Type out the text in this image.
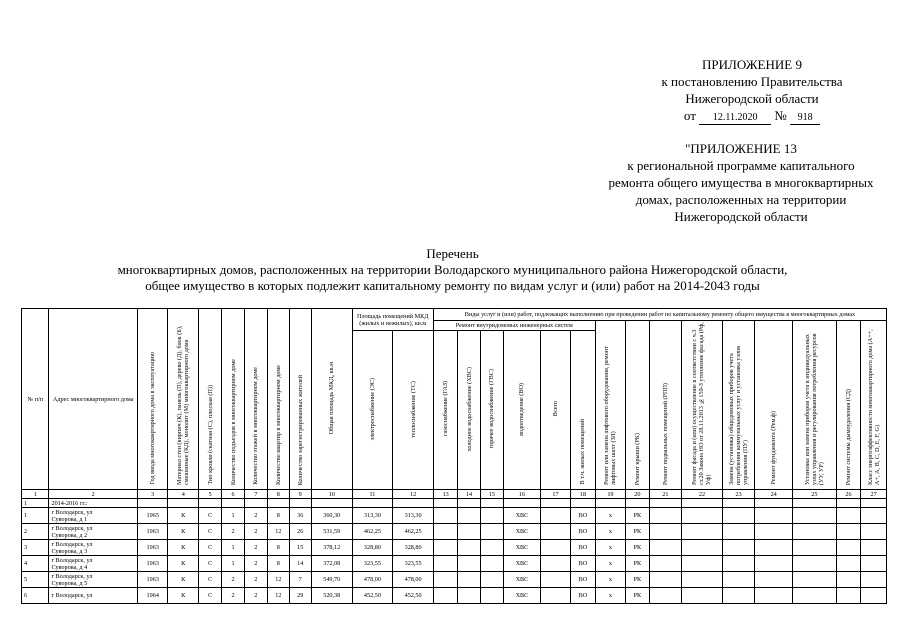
ПРИЛОЖЕНИЕ 9
к постановлению Правительства
Нижегородской области
от 12.11.2020 № 918
"ПРИЛОЖЕНИЕ 13
к региональной программе капитального
ремонта общего имущества в многоквартирных
домах, расположенных на территории
Нижегородской области
Перечень
многоквартирных домов, расположенных на территории Володарского муниципального района Нижегородской области,
общее имущество в которых подлежит капитальному ремонту по видам услуг и (или) работ на 2014-2043 годы
№ п/п	Адрес многоквартирного дома	Год ввода многоквартирного дома в эксплуатацию	Материал стен (кирпич (К), панель (П), дерево (Д), блок (Б), смешанные (КД), монолит (М) многоквартирного дома	Тип кровли (скатная (С), плоская (П))	Количество подъездов в многоквартирном доме	Количество этажей в многоквартирном доме	Количество квартир в многоквартирном доме	Количество зарегистрированных жителей	Общая площадь МКД, кв.м	Площадь помещений МКД (жилых и нежилых), кв.м		Виды услуг и (или) работ, подлежащих выполнению при проведении работ по капитальному ремонту общего имущества в многоквартирных домах														
												Ремонт внутридомовых инженерных систем						Ремонт или замена лифтового оборудования, ремонт лифтовых шахт (ЗЛ)	Ремонт крыши (РК)	Ремонт подвальных помещений (РПП)	Ремонт фасада и (или) осуществление в соответствии с ч.3 ст.20 Закона НО от 28.11.2013 №159-З утепление фасада (Рф, Уф)	Замена (установка) общедомовых приборов учета потребления коммунальных услуг и установка узлов управления (ПУ)	Ремонт фундамента (Рем.ф)	Установка или замена приборов учета в индивидуальных узлах управления и регулирования потребления ресурсов (УУ, УР)	Ремонт системы дымоудаления (СД)	Класс энергоэффективности многоквартирного дома (А++, А+, А, B, C, D, E, F, G)
										электроснабжение (ЭС)	теплоснабжение (ТС)	газоснабжение (ГАЗ)	холодное водоснабжение (ХВС)	горячее водоснабжение (ГВС)	водоотведение (ВО)	Всего	В т.ч. жилых помещений									

1	2	3	4	5	6	7	8	9	10	11	12	13	14	15	16	17	18	19	20	21	22	23	24	25	26	27
1	2014-2016 гг.:																									
1	г Володарск, ул
Суворова, д 1	1965	К	С	1	2	8	36	360,30	313,30	313,30				ХВС		ВО	х	РК							
2	г Володарск, ул
Суворова, д 2	1963	К	С	2	2	12	26	531,59	462,25	462,25				ХВС		ВО	х	РК							
3	г Володарск, ул
Суворова, д 3	1963	К	С	1	2	8	15	378,12	328,80	328,80				ХВС		ВО	х	РК							
4	г Володарск, ул
Суворова, д 4	1963	К	С	1	2	8	14	372,08	323,55	323,55				ХВС		ВО	х	РК							
5	г Володарск, ул
Суворова, д 5	1963	К	С	2	2	12	7	549,70	478,00	478,00				ХВС		ВО	х	РК							
6	г Володарск, ул	1964	К	С	2	2	12	29	520,38	452,50	452,50				ХВС		ВО	х	РК							
